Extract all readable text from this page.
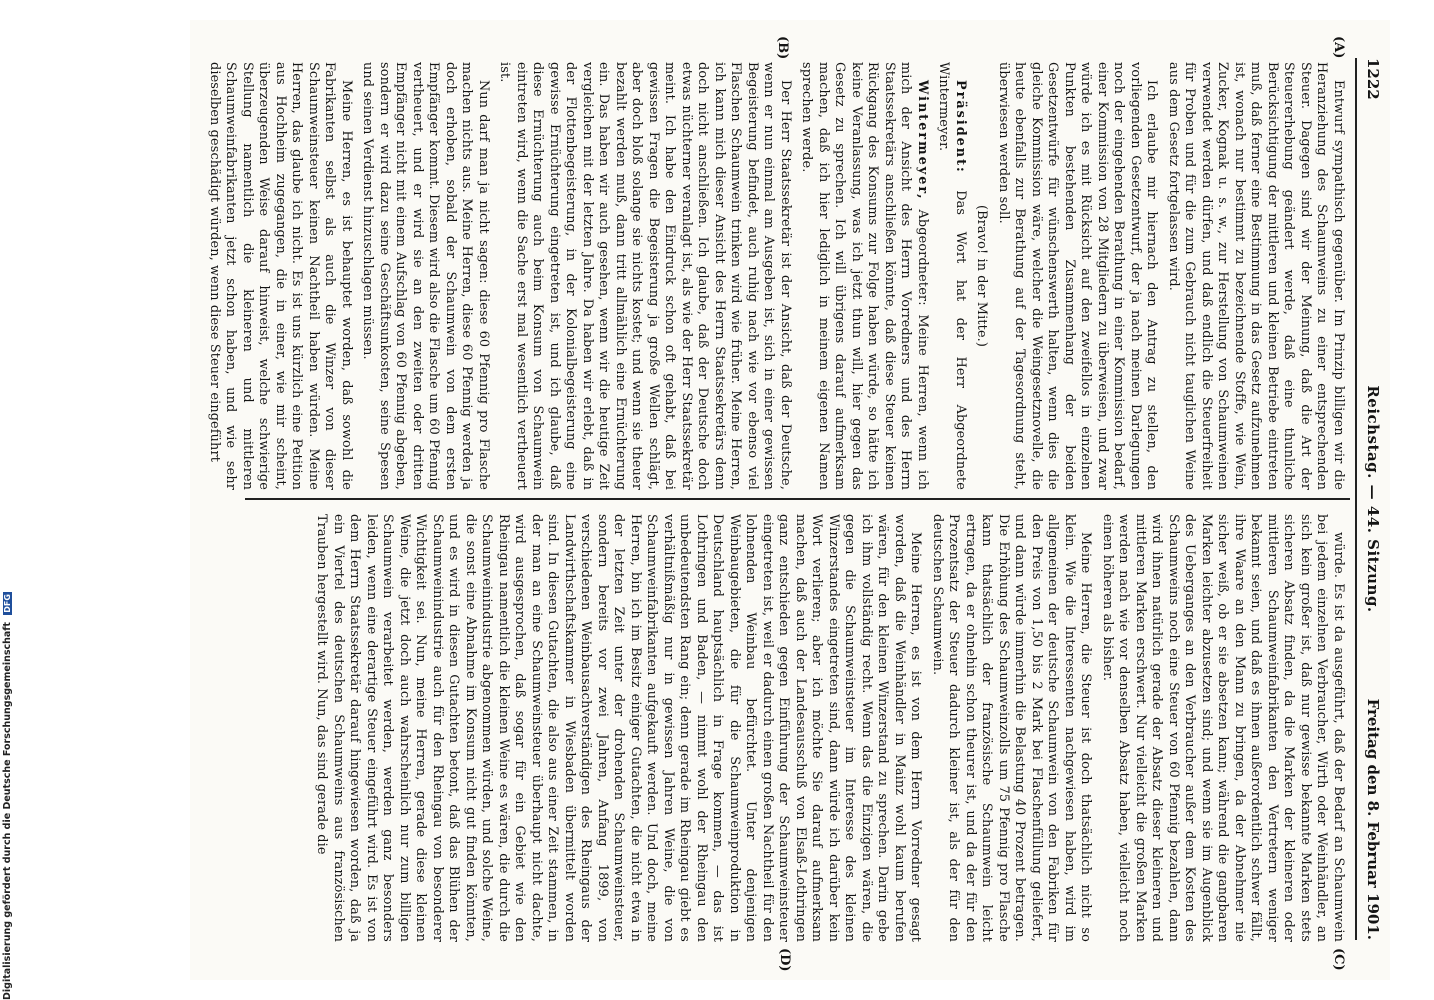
1222
Reichstag. — 44. Sitzung.
Freitag den 8. Februar 1901.
(A)
(B)
(C)
(D)

Entwurf sympathisch gegenüber. Im Prinzip billigen wir die Heranziehung des Schaumweins zu einer entsprechenden Steuer. Dagegen sind wir der Meinung, daß die Art der Steuererhebung geändert werde, daß eine thunliche Berücksichtigung der mittleren und kleinen Betriebe eintreten muß, daß ferner eine Bestimmung in das Gesetz aufzunehmen ist, wonach nur bestimmt zu bezeichnende Stoffe, wie Wein, Zucker, Kognak u. s. w., zur Herstellung von Schaumweinen verwendet werden dürfen, und daß endlich die Steuerfreiheit für Proben und für die zum Gebrauch nicht tauglichen Weine aus dem Gesetz fortgelassen wird.

Ich erlaube mir hiernach den Antrag zu stellen, den vorliegenden Gesetzentwurf, der ja nach meinen Darlegungen noch der eingehenden Berathung in einer Kommission bedarf, einer Kommission von 28 Mitgliedern zu überweisen, und zwar würde ich es mit Rücksicht auf den zweifellos in einzelnen Punkten bestehenden Zusammenhang der beiden Gesetzentwürfe für wünschenswerth halten, wenn dies die gleiche Kommission wäre, welcher die Weingesetznovelle, die heute ebenfalls zur Berathung auf der Tagesordnung steht, überwiesen werden soll.

(Bravo! in der Mitte.)

Präsident: Das Wort hat der Herr Abgeordnete Wintermeyer.

Wintermeyer, Abgeordneter: Meine Herren, wenn ich mich der Ansicht des Herrn Vorredners und des Herrn Staatssekretärs anschließen könnte, daß diese Steuer keinen Rückgang des Konsums zur Folge haben würde, so hätte ich keine Veranlassung, was ich jetzt thun will, hier gegen das Gesetz zu sprechen. Ich will übrigens darauf aufmerksam machen, daß ich hier lediglich in meinem eigenen Namen sprechen werde.

Der Herr Staatssekretär ist der Ansicht, daß der Deutsche, wenn er nun einmal am Ausgeben ist, sich in einer gewissen Begeisterung befindet, auch ruhig nach wie vor ebenso viel Flaschen Schaumwein trinken wird wie früher. Meine Herren, ich kann mich dieser Ansicht des Herrn Staatssekretärs denn doch nicht anschließen. Ich glaube, daß der Deutsche doch etwas nüchterner veranlagt ist, als wie der Herr Staatssekretär meint. Ich habe den Eindruck schon oft gehabt, daß bei gewissen Fragen die Begeisterung ja große Wellen schlägt, aber doch bloß solange sie nichts kostet; und wenn sie theuer bezahlt werden muß, dann tritt allmählich eine Ernüchterung ein. Das haben wir auch gesehen, wenn wir die heutige Zeit vergleichen mit der letzten Jahre. Da haben wir erlebt, daß in der Flottenbegeisterung, in der Kolonialbegeisterung eine gewisse Ernüchterung eingetreten ist, und ich glaube, daß diese Ernüchterung auch beim Konsum von Schaumwein eintreten wird, wenn die Sache erst mal wesentlich vertheuert ist.

Nun darf man ja nicht sagen: diese 60 Pfennig pro Flasche machen nichts aus. Meine Herren, diese 60 Pfennig werden ja doch erhoben, sobald der Schaumwein von dem ersten Empfänger kommt. Diesem wird also die Flasche um 60 Pfennig vertheuert, und er wird sie an den zweiten oder dritten Empfänger nicht mit einem Aufschlag von 60 Pfennig abgeben, sondern er wird dazu seine Geschäftsunkosten, seine Spesen und seinen Verdienst hinzuschlagen müssen.

Meine Herren, es ist behauptet worden, daß sowohl die Fabrikanten selbst als auch die Winzer von dieser Schaumweinsteuer keinen Nachtheil haben würden. Meine Herren, das glaube ich nicht. Es ist uns kürzlich eine Petition aus Hochheim zugegangen, die in einer, wie mir scheint, überzeugenden Weise darauf hinweist, welche schwierige Stellung namentlich die kleineren und mittleren Schaumweinfabrikanten jetzt schon haben, und wie sehr dieselben geschädigt würden, wenn diese Steuer eingeführt

würde. Es ist da ausgeführt, daß der Bedarf an Schaumwein bei jedem einzelnen Verbraucher, Wirth oder Weinhändler, an sich kein großer ist, daß nur gewisse bekannte Marken stets sicheren Absatz finden, da die Marken der kleineren oder mittleren Schaumweinfabrikanten den Vertretern weniger bekannt seien, und daß es ihnen außerordentlich schwer fällt, ihre Waare an den Mann zu bringen, da der Abnehmer nie sicher weiß, ob er sie absetzen kann; während die gangbaren Marken leichter abzusetzen sind; und wenn sie im Augenblick des Ueberganges an den Verbraucher außer dem Kosten des Schaumweins noch eine Steuer von 60 Pfennig bezahlen, dann wird ihnen natürlich gerade der Absatz dieser kleineren und mittleren Marken erschwert. Nur vielleicht die großen Marken werden nach wie vor denselben Absatz haben, vielleicht noch einen höheren als bisher.

Meine Herren, die Steuer ist doch thatsächlich nicht so klein. Wie die Interessenten nachgewiesen haben, wird im allgemeinen der deutsche Schaumwein von den Fabriken für den Preis von 1,50 bis 2 Mark bei Flaschenfüllung geliefert, und dann würde immerhin die Belastung 40 Prozent betragen. Die Erhöhung des Schaumweinzolls um 75 Pfennig pro Flasche kann thatsächlich der französische Schaumwein leicht ertragen, da er ohnehin schon theurer ist, und da der für den Prozentsatz der Steuer dadurch kleiner ist, als der für den deutschen Schaumwein.

Meine Herren, es ist von dem Herrn Vorredner gesagt worden, daß die Weinhändler in Mainz wohl kaum berufen wären, für den kleinen Winzerstand zu sprechen. Darin gebe ich ihm vollständig recht. Wenn das die Einzigen wären, die gegen die Schaumweinsteuer im Interesse des kleinen Winzerstandes eingetreten sind, dann würde ich darüber kein Wort verlieren; aber ich möchte Sie darauf aufmerksam machen, daß auch der Landesausschuß von Elsaß-Lothringen ganz entschieden gegen Einführung der Schaumweinsteuer eingetreten ist, weil er dadurch einen großen Nachtheil für den lohnenden Weinbau befürchtet. Unter denjenigen Weinbaugebieten, die für die Schaumweinproduktion in Deutschland hauptsächlich in Frage kommen, — das ist Lothringen und Baden, — nimmt wohl der Rheingau den unbedeutendsten Rang ein; denn gerade im Rheingau giebt es verhältnißmäßig nur in gewissen Jahren Weine, die von Schaumweinfabrikanten aufgekauft werden. Und doch, meine Herren, bin ich im Besitz einiger Gutachten, die nicht etwa in der letzten Zeit unter der drohenden Schaumweinsteuer, sondern bereits vor zwei Jahren, Anfang 1899, von verschiedenen Weinbausachverständigen des Rheingaus der Landwirthschaftskammer in Wiesbaden übermittelt worden sind. In diesen Gutachten, die also aus einer Zeit stammen, in der man an eine Schaumweinsteuer überhaupt nicht dachte, wird ausgesprochen, daß sogar für ein Gebiet wie den Rheingau namentlich die kleinen Weine es wären, die durch die Schaumweinindustrie abgenommen würden, und solche Weine, die sonst eine Abnahme im Konsum nicht gut finden könnten, und es wird in diesen Gutachten betont, daß das Blühen der Schaumweinindustrie auch für den Rheingau von besonderer Wichtigkeit sei. Nun, meine Herren, gerade diese kleinen Weine, die jetzt doch auch wahrscheinlich nur zum billigen Schaumwein verarbeitet werden, werden ganz besonders leiden, wenn eine derartige Steuer eingeführt wird. Es ist von dem Herrn Staatssekretär darauf hingewiesen worden, daß ja ein Viertel des deutschen Schaumweins aus französischen Trauben hergestellt wird. Nun, das sind gerade die

Digitalisierung gefördert durch die Deutsche Forschungsgemeinschaft DFG
